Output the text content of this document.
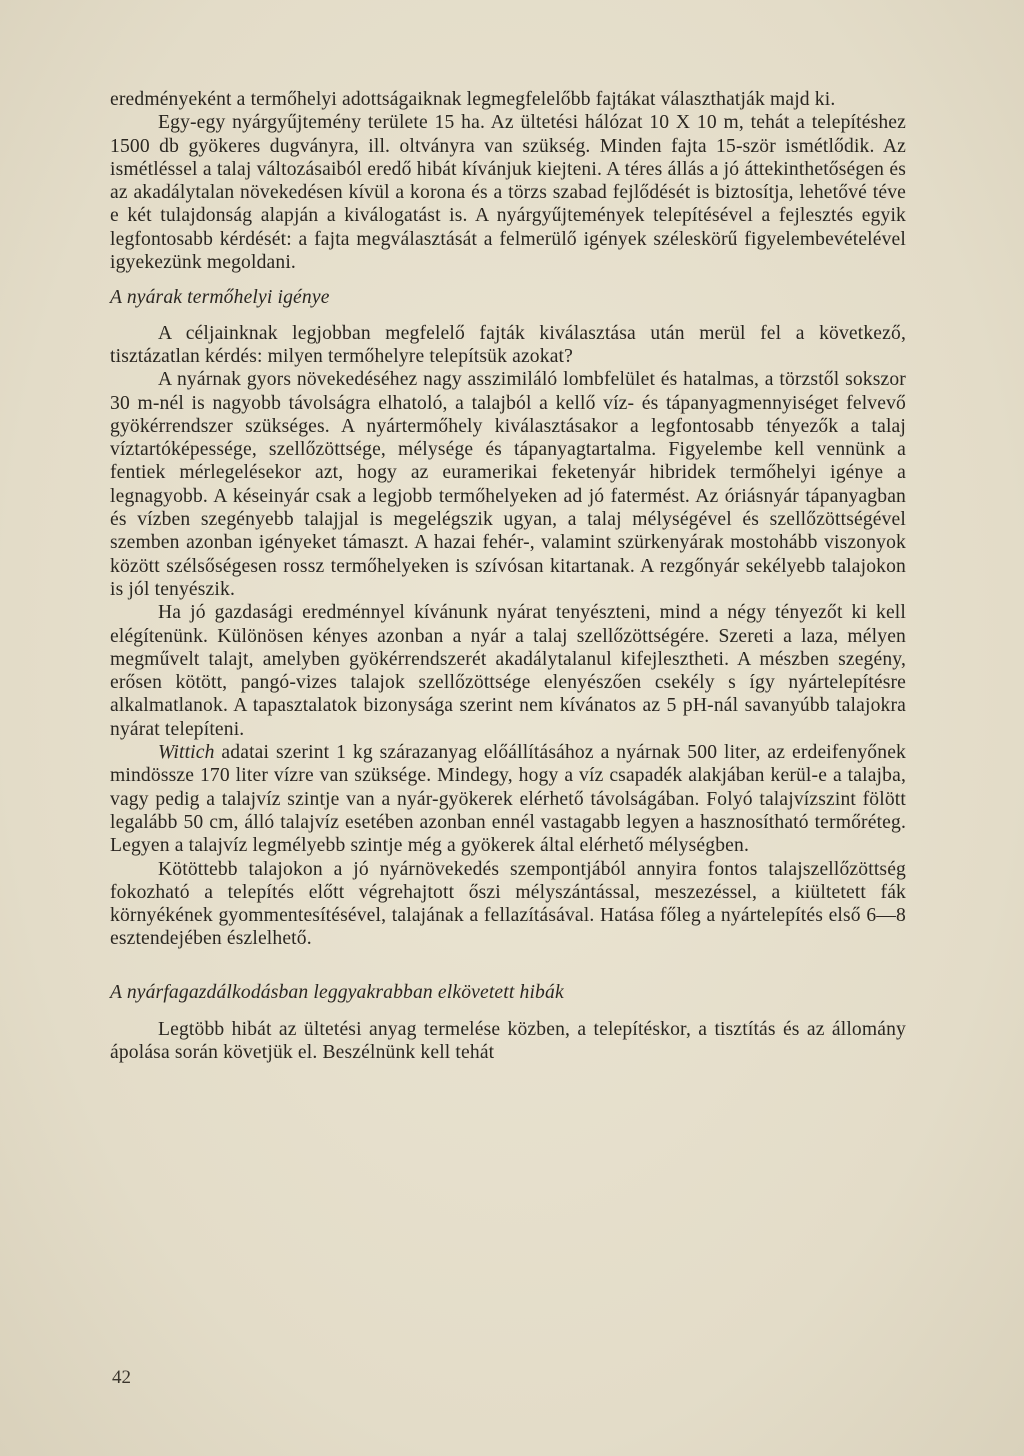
eredményeként a termőhelyi adottságaiknak legmegfelelőbb fajtákat választhatják majd ki.

Egy-egy nyárgyűjtemény területe 15 ha. Az ültetési hálózat 10 X 10 m, tehát a telepítéshez 1500 db gyökeres dugványra, ill. oltványra van szükség. Minden fajta 15-ször ismétlődik. Az ismétléssel a talaj változásaiból eredő hibát kívánjuk kiejteni. A téres állás a jó áttekinthetőségen és az akadálytalan növekedésen kívül a korona és a törzs szabad fejlődését is biztosítja, lehetővé téve e két tulajdonság alapján a kiválogatást is. A nyárgyűjtemények telepítésével a fejlesztés egyik legfontosabb kérdését: a fajta megválasztását a felmerülő igények széleskörű figyelembevételével igyekezünk megoldani.

A nyárak termőhelyi igénye

A céljainknak legjobban megfelelő fajták kiválasztása után merül fel a következő, tisztázatlan kérdés: milyen termőhelyre telepítsük azokat?

A nyárnak gyors növekedéséhez nagy asszimiláló lombfelület és hatalmas, a törzstől sokszor 30 m-nél is nagyobb távolságra elhatoló, a talajból a kellő víz- és tápanyagmennyiséget felvevő gyökérrendszer szükséges. A nyártermőhely kiválasztásakor a legfontosabb tényezők a talaj víztartóképessége, szellőzöttsége, mélysége és tápanyagtartalma. Figyelembe kell vennünk a fentiek mérlegelésekor azt, hogy az euramerikai feketenyár hibridek termőhelyi igénye a legnagyobb. A késeinyár csak a legjobb termőhelyeken ad jó fatermést. Az óriásnyár tápanyagban és vízben szegényebb talajjal is megelégszik ugyan, a talaj mélységével és szellőzöttségével szemben azonban igényeket támaszt. A hazai fehér-, valamint szürkenyárak mostohább viszonyok között szélsőségesen rossz termőhelyeken is szívósan kitartanak. A rezgőnyár sekélyebb talajokon is jól tenyészik.

Ha jó gazdasági eredménnyel kívánunk nyárat tenyészteni, mind a négy tényezőt ki kell elégítenünk. Különösen kényes azonban a nyár a talaj szellőzöttségére. Szereti a laza, mélyen megművelt talajt, amelyben gyökérrendszerét akadálytalanul kifejlesztheti. A mészben szegény, erősen kötött, pangó-vizes talajok szellőzöttsége elenyészően csekély s így nyártelepítésre alkalmatlanok. A tapasztalatok bizonysága szerint nem kívánatos az 5 pH-nál savanyúbb talajokra nyárat telepíteni.

Wittich adatai szerint 1 kg szárazanyag előállításához a nyárnak 500 liter, az erdeifenyőnek mindössze 170 liter vízre van szüksége. Mindegy, hogy a víz csapadék alakjában kerül-e a talajba, vagy pedig a talajvíz szintje van a nyár-gyökerek elérhető távolságában. Folyó talajvízszint fölött legalább 50 cm, álló talajvíz esetében azonban ennél vastagabb legyen a hasznosítható termőréteg. Legyen a talajvíz legmélyebb szintje még a gyökerek által elérhető mélységben.

Kötöttebb talajokon a jó nyárnövekedés szempontjából annyira fontos talajszellőzöttség fokozható a telepítés előtt végrehajtott őszi mélyszántással, meszezéssel, a kiültetett fák környékének gyommentesítésével, talajának a fellazításával. Hatása főleg a nyártelepítés első 6—8 esztendejében észlelhető.

A nyárfagazdálkodásban leggyakrabban elkövetett hibák

Legtöbb hibát az ültetési anyag termelése közben, a telepítéskor, a tisztítás és az állomány ápolása során követjük el. Beszélnünk kell tehát

42
